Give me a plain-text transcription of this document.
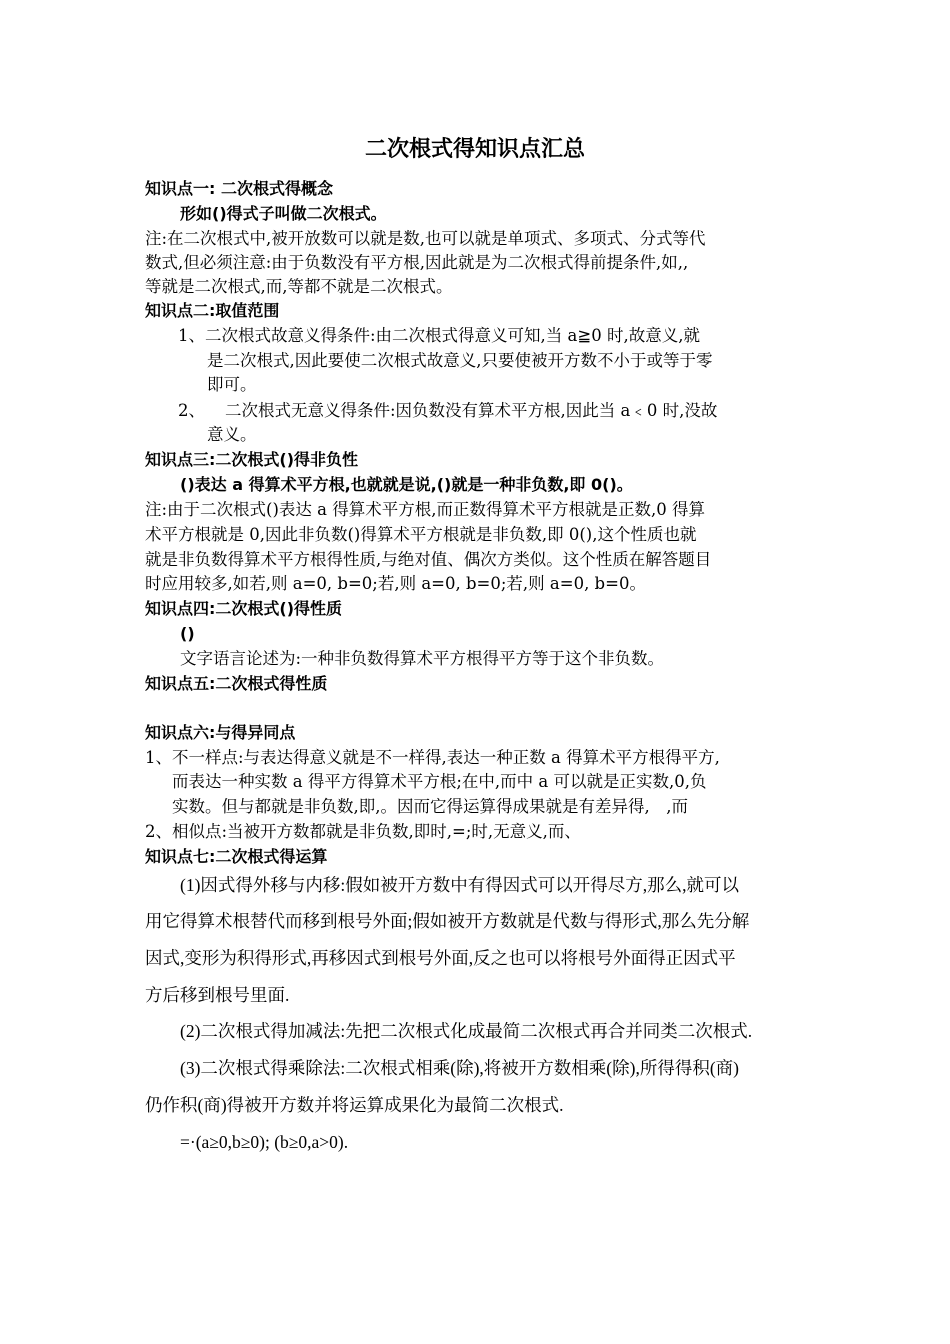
二次根式得知识点汇总
知识点一: 二次根式得概念
形如()得式子叫做二次根式。
注:在二次根式中,被开放数可以就是数,也可以就是单项式、多项式、分式等代
数式,但必须注意:由于负数没有平方根,因此就是为二次根式得前提条件,如,,
等就是二次根式,而,等都不就是二次根式。
知识点二:取值范围
1、二次根式故意义得条件:由二次根式得意义可知,当 a≧0 时,故意义,就
是二次根式,因此要使二次根式故意义,只要使被开方数不小于或等于零
即可。
2、 二次根式无意义得条件:因负数没有算术平方根,因此当 a﹤0 时,没故
意义。
知识点三:二次根式()得非负性
()表达 a 得算术平方根,也就就是说,()就是一种非负数,即 0()。
注:由于二次根式()表达 a 得算术平方根,而正数得算术平方根就是正数,0 得算
术平方根就是 0,因此非负数()得算术平方根就是非负数,即 0(),这个性质也就
就是非负数得算术平方根得性质,与绝对值、偶次方类似。这个性质在解答题目
时应用较多,如若,则 a=0, b=0;若,则 a=0, b=0;若,则 a=0, b=0。
知识点四:二次根式()得性质
()
文字语言论述为:一种非负数得算术平方根得平方等于这个非负数。
知识点五:二次根式得性质
知识点六:与得异同点
1、不一样点:与表达得意义就是不一样得,表达一种正数 a 得算术平方根得平方,
而表达一种实数 a 得平方得算术平方根;在中,而中 a 可以就是正实数,0,负
实数。但与都就是非负数,即,。因而它得运算得成果就是有差异得,　,而
2、相似点:当被开方数都就是非负数,即时,=;时,无意义,而、
知识点七:二次根式得运算
(1)因式得外移与内移:假如被开方数中有得因式可以开得尽方,那么,就可以
用它得算术根替代而移到根号外面;假如被开方数就是代数与得形式,那么先分解
因式,变形为积得形式,再移因式到根号外面,反之也可以将根号外面得正因式平
方后移到根号里面.
(2)二次根式得加减法:先把二次根式化成最简二次根式再合并同类二次根式.
(3)二次根式得乘除法:二次根式相乘(除),将被开方数相乘(除),所得得积(商)
仍作积(商)得被开方数并将运算成果化为最简二次根式.
=·(a≥0,b≥0); (b≥0,a>0).
